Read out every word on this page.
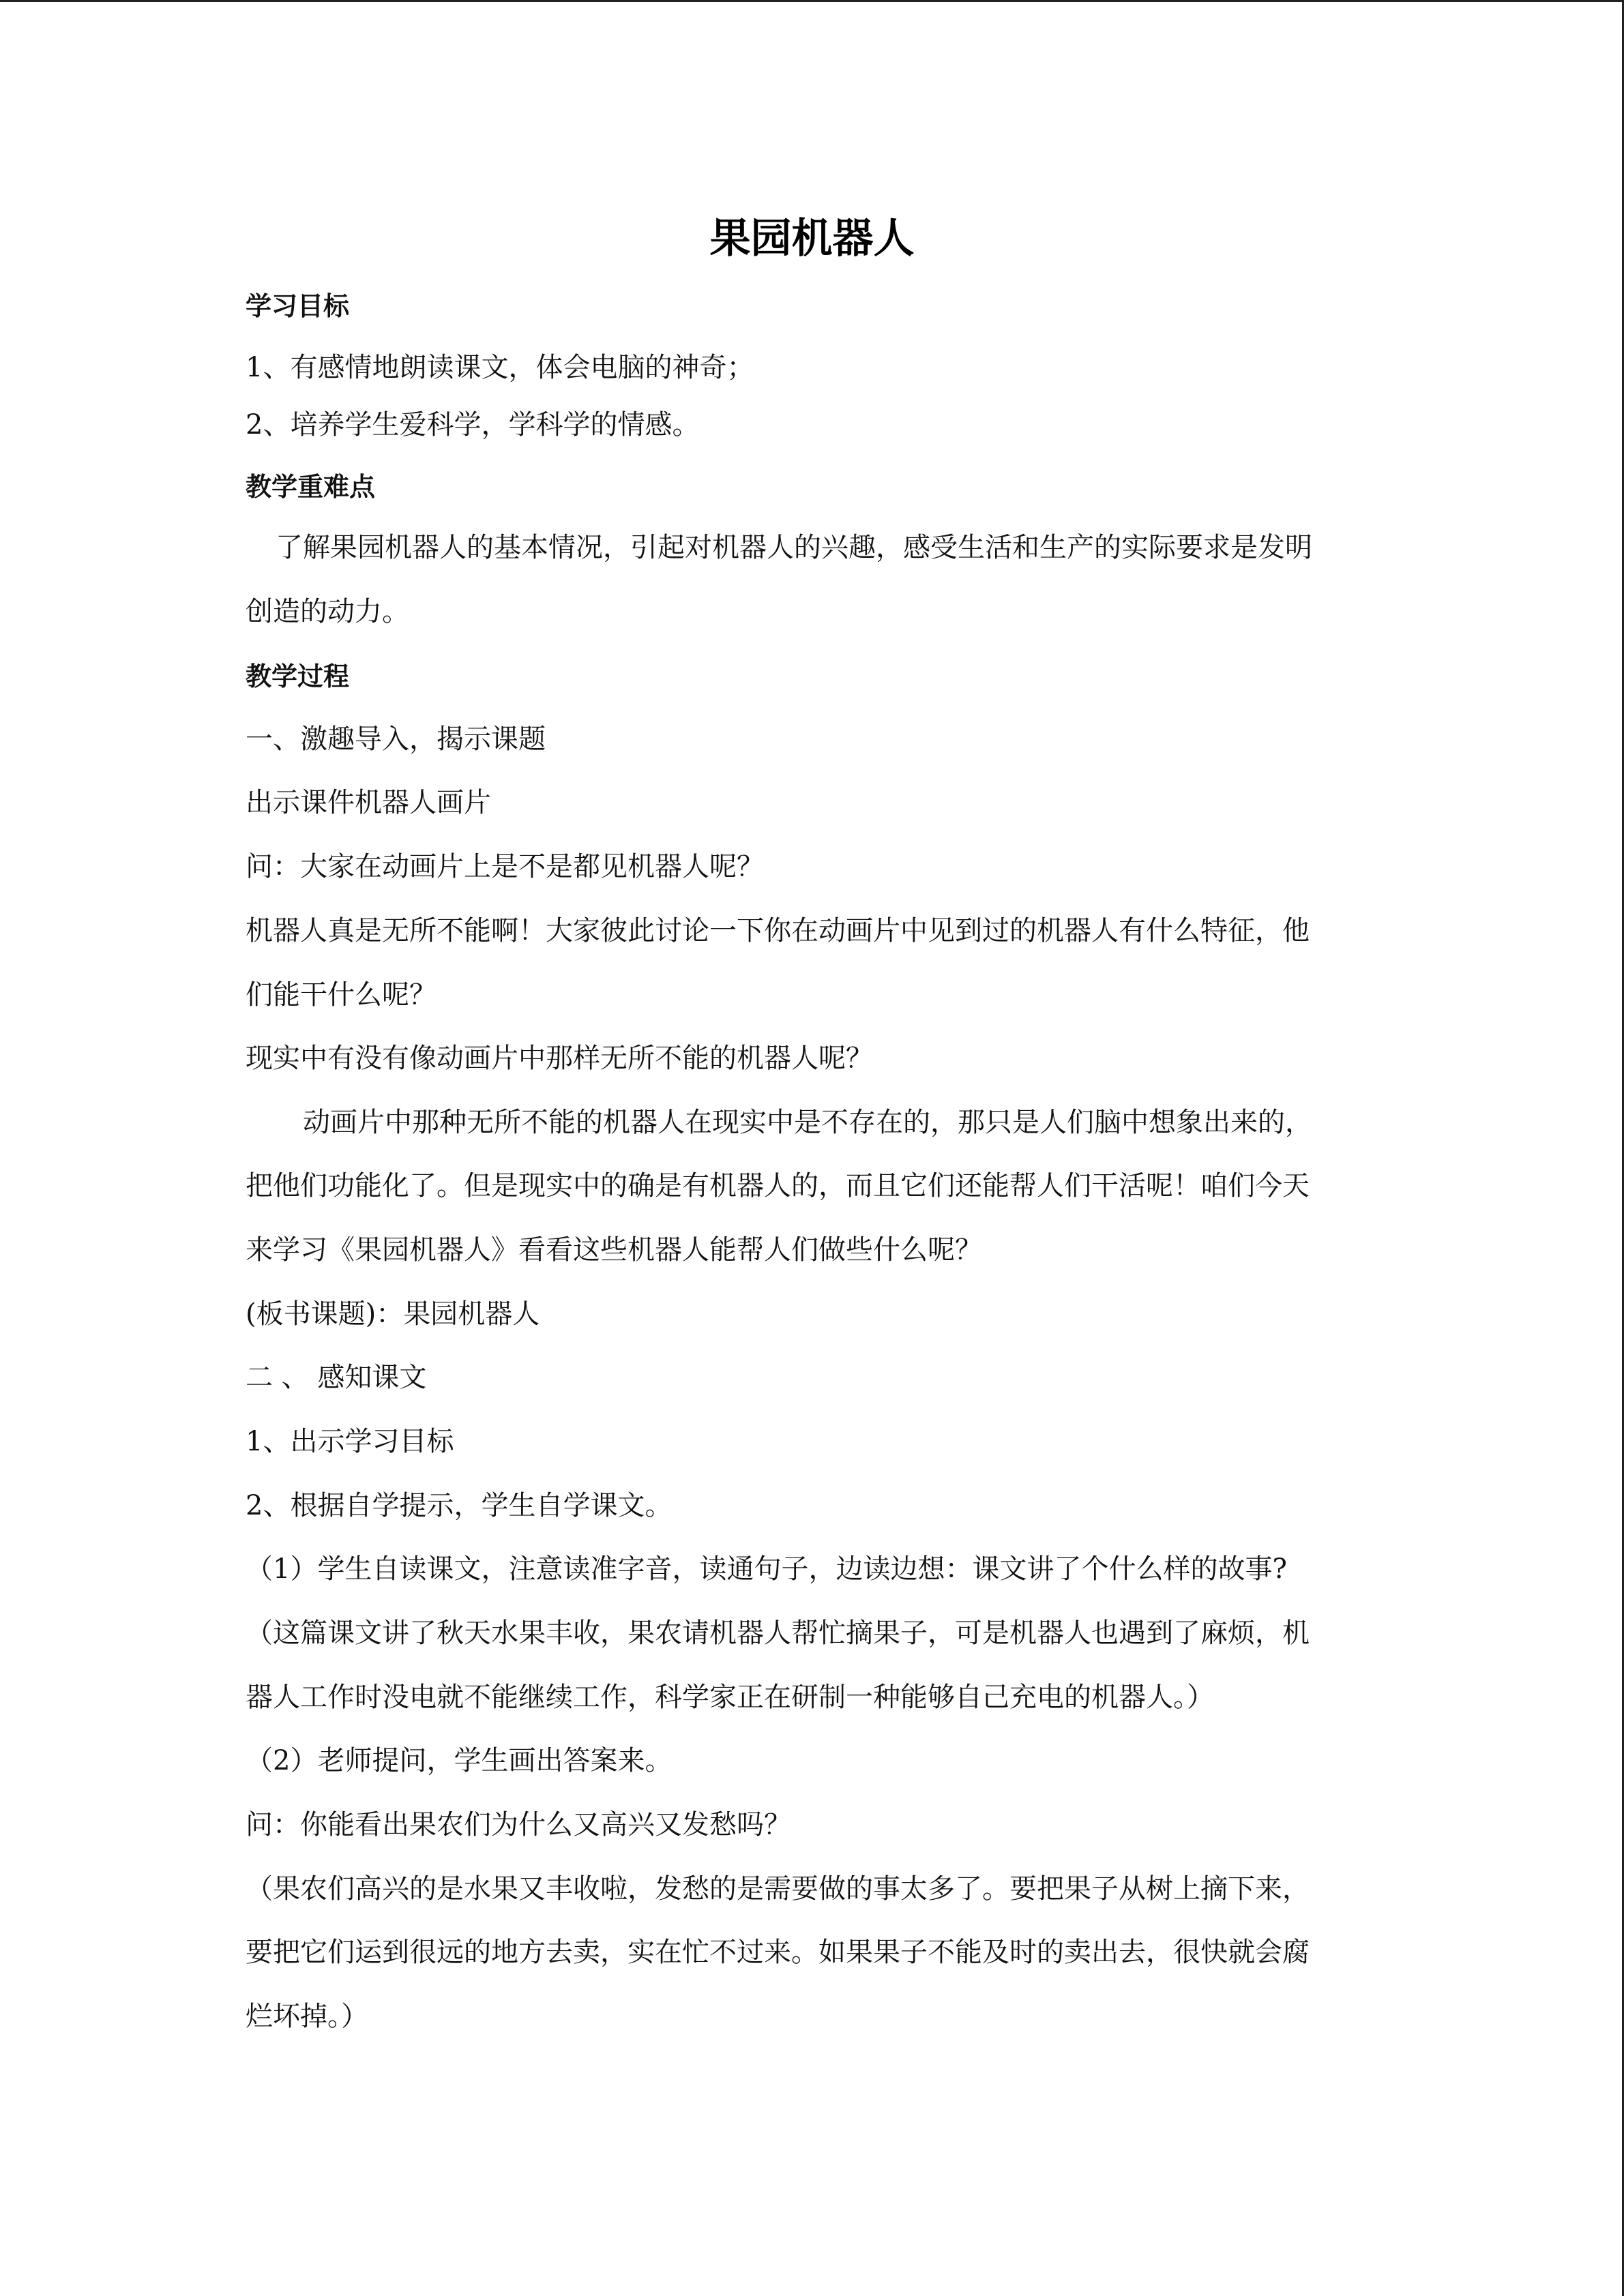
果园机器人
学习目标
1、有感情地朗读课文，体会电脑的神奇；
2、培养学生爱科学，学科学的情感。
教学重难点
了解果园机器人的基本情况，引起对机器人的兴趣，感受生活和生产的实际要求是发明
创造的动力。
教学过程
一、激趣导入，揭示课题
出示课件机器人画片
问：大家在动画片上是不是都见机器人呢？
机器人真是无所不能啊！大家彼此讨论一下你在动画片中见到过的机器人有什么特征，他
们能干什么呢？
现实中有没有像动画片中那样无所不能的机器人呢？
动画片中那种无所不能的机器人在现实中是不存在的，那只是人们脑中想象出来的，
把他们功能化了。但是现实中的确是有机器人的，而且它们还能帮人们干活呢！咱们今天
来学习《果园机器人》看看这些机器人能帮人们做些什么呢？
(板书课题)：果园机器人
二 、 感知课文
1、出示学习目标
2、根据自学提示，学生自学课文。
（1）学生自读课文，注意读准字音，读通句子，边读边想：课文讲了个什么样的故事?
（这篇课文讲了秋天水果丰收，果农请机器人帮忙摘果子，可是机器人也遇到了麻烦，机
器人工作时没电就不能继续工作，科学家正在研制一种能够自己充电的机器人。）
（2）老师提问，学生画出答案来。
问：你能看出果农们为什么又高兴又发愁吗？
（果农们高兴的是水果又丰收啦，发愁的是需要做的事太多了。要把果子从树上摘下来，
要把它们运到很远的地方去卖，实在忙不过来。如果果子不能及时的卖出去，很快就会腐
烂坏掉。）
